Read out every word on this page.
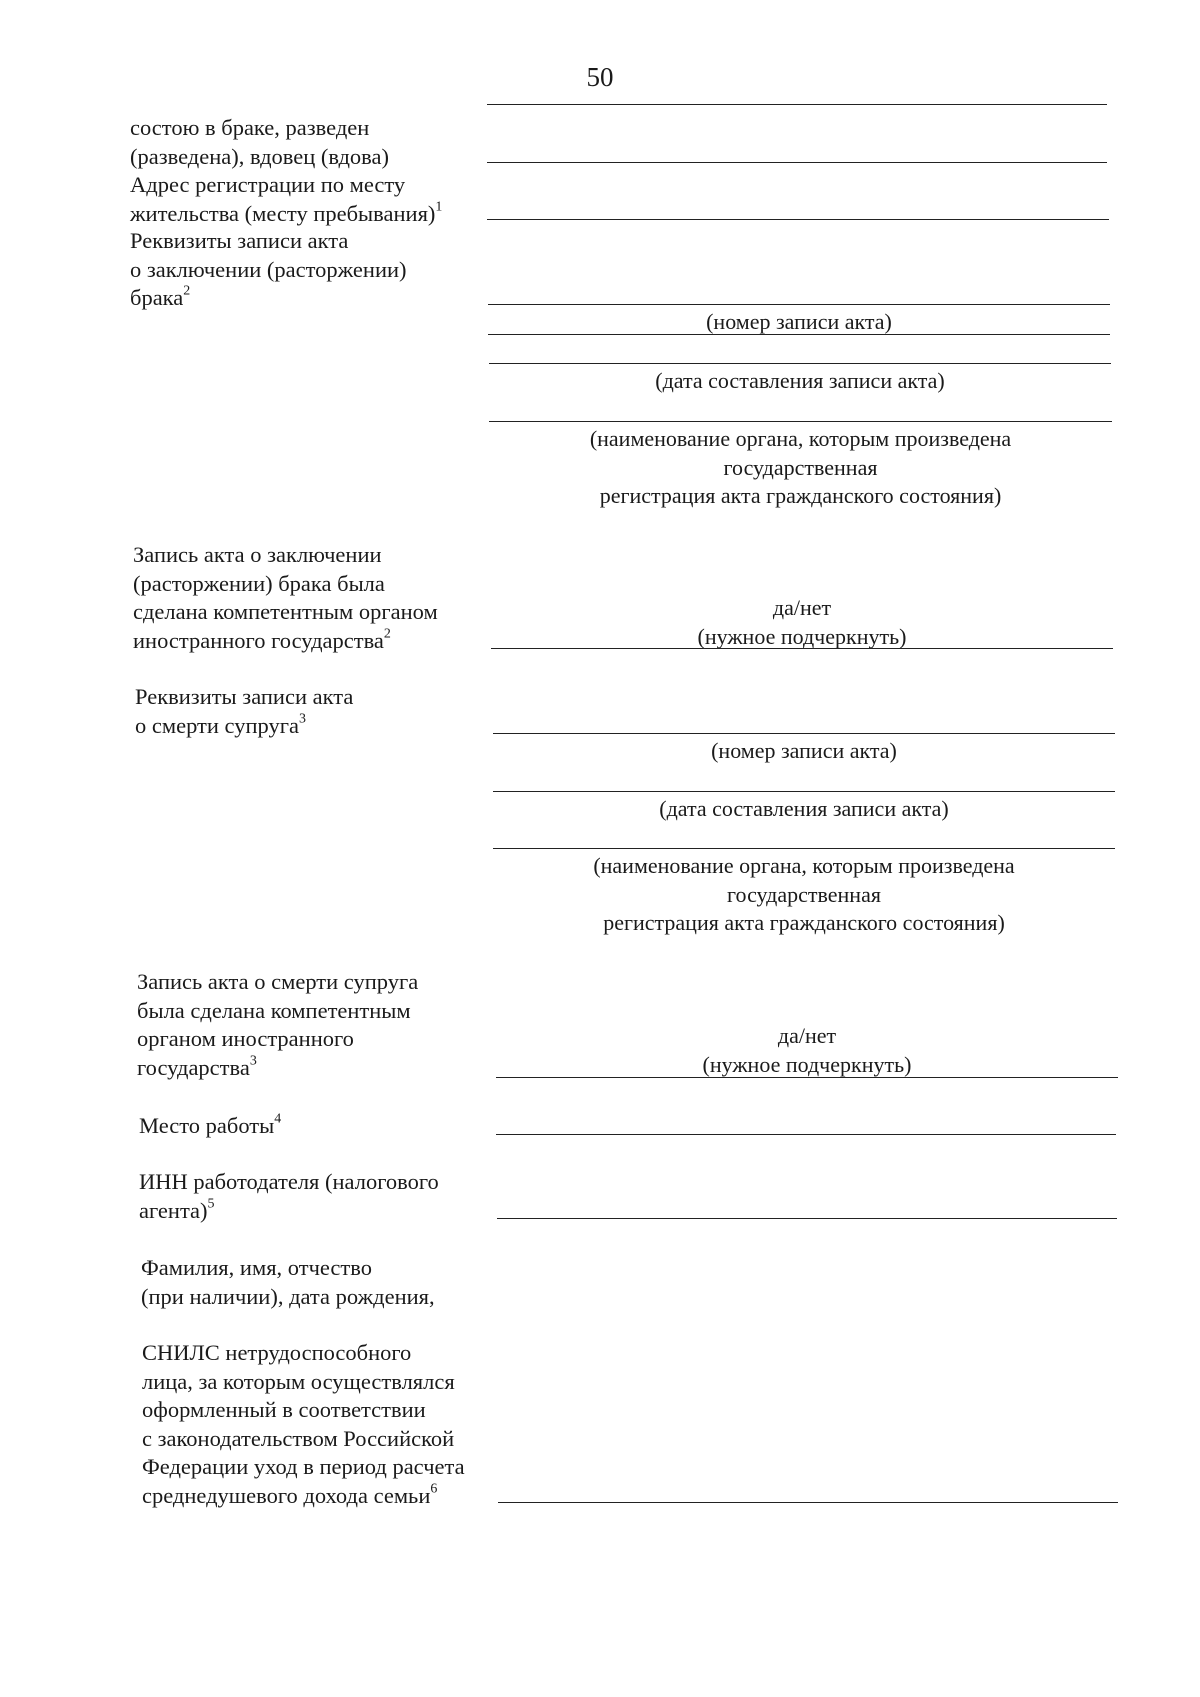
50
состою в браке, разведен
(разведена), вдовец (вдова)
Адрес регистрации по месту
жительства (месту пребывания)$^1$
Реквизиты записи акта
о заключении (расторжении)
брака$^2$
(номер записи акта)
(дата составления записи акта)
(наименование органа, которым произведена
государственная
регистрация акта гражданского состояния)
Запись акта о заключении
(расторжении) брака была
сделана компетентным органом
иностранного государства$^2$
да/нет
(нужное подчеркнуть)
Реквизиты записи акта
о смерти супруга$^3$
(номер записи акта)
(дата составления записи акта)
(наименование органа, которым произведена
государственная
регистрация акта гражданского состояния)
Запись акта о смерти супруга
была сделана компетентным
органом иностранного
государства$^3$
да/нет
(нужное подчеркнуть)
Место работы$^4$
ИНН работодателя (налогового
агента)$^5$
Фамилия, имя, отчество
(при наличии), дата рождения,
СНИЛС нетрудоспособного
лица, за которым осуществлялся
оформленный в соответствии
с законодательством Российской
Федерации уход в период расчета
среднедушевого дохода семьи$^6$
